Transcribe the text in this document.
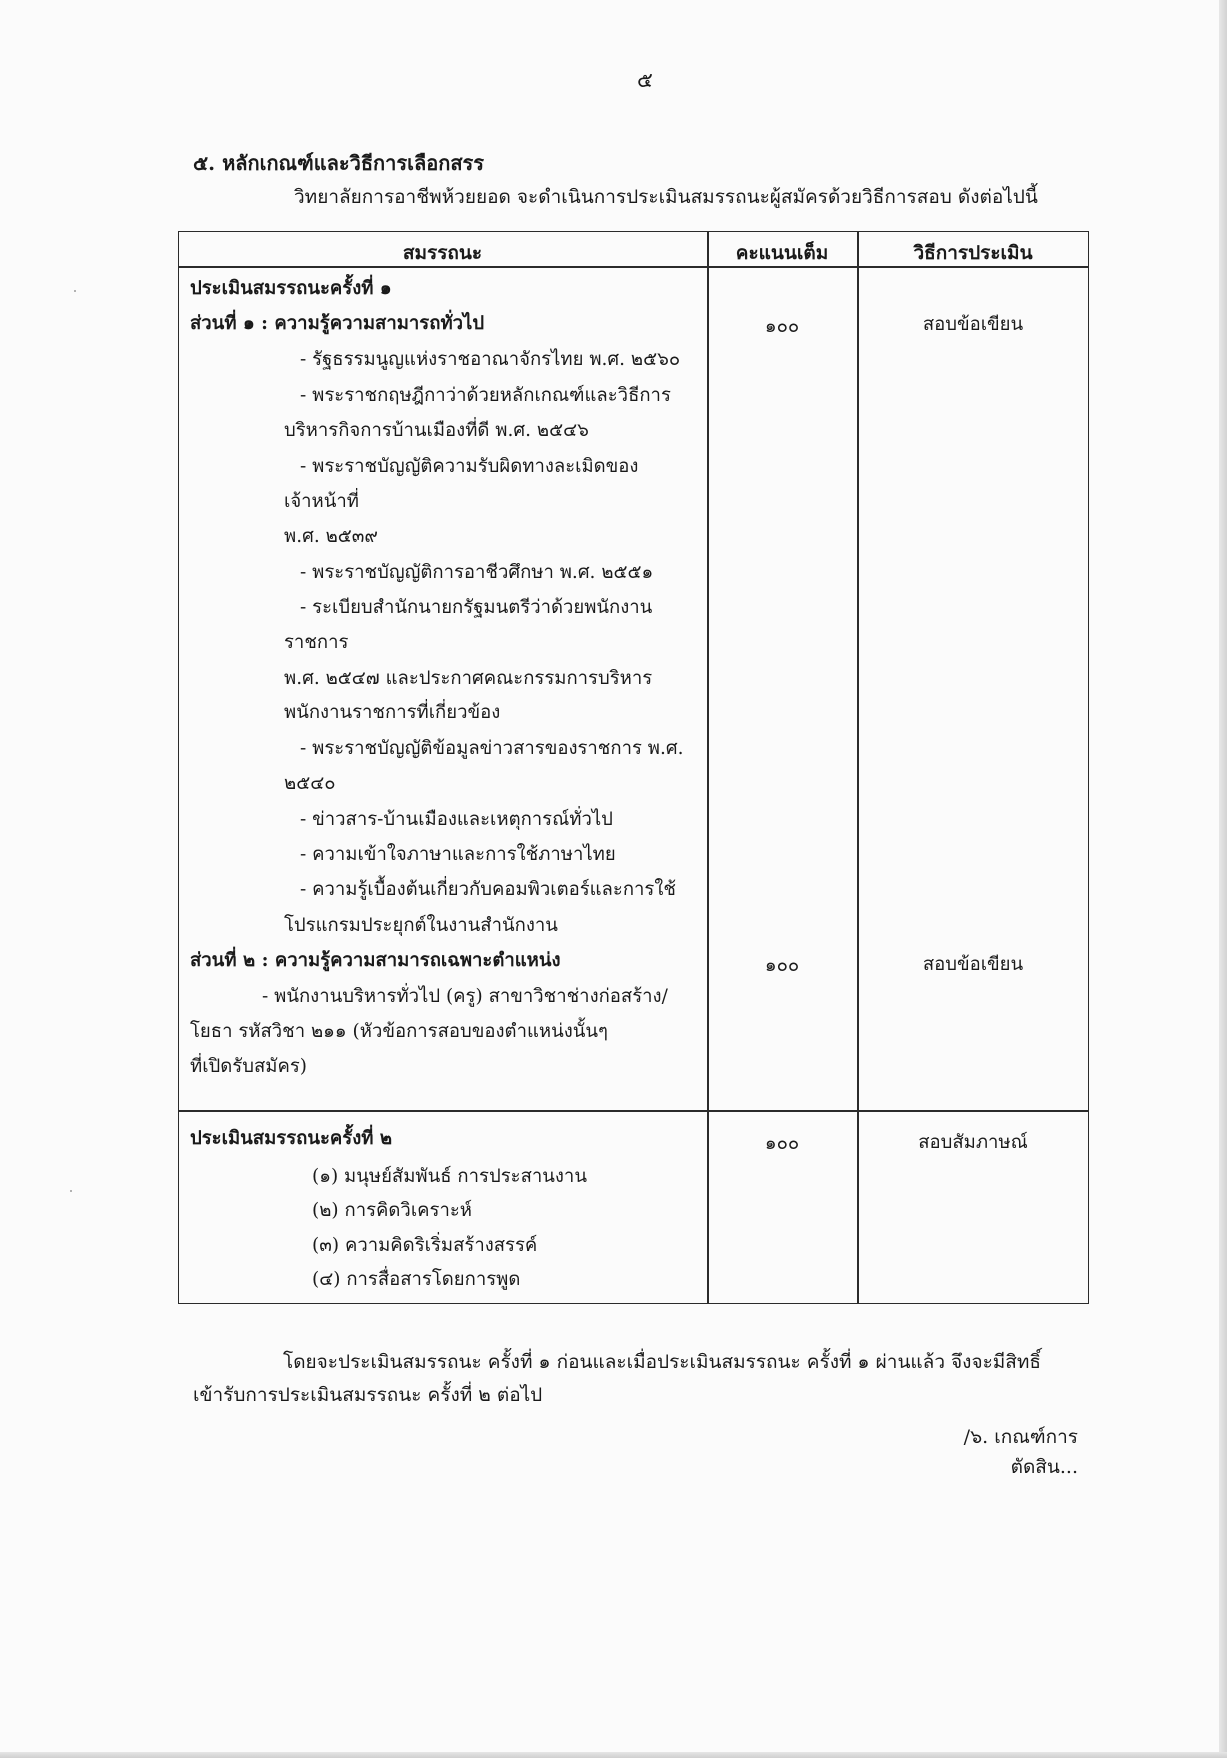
๕
๕. หลักเกณฑ์และวิธีการเลือกสรร
วิทยาลัยการอาชีพห้วยยอด จะดำเนินการประเมินสมรรถนะผู้สมัครด้วยวิธีการสอบ ดังต่อไปนี้
สมรรถนะ	คะแนนเต็ม	วิธีการประเมิน
ประเมินสมรรถนะครั้งที่ ๑
ส่วนที่ ๑ : ความรู้ความสามารถทั่วไป	๑๐๐	สอบข้อเขียน
- รัฐธรรมนูญแห่งราชอาณาจักรไทย พ.ศ. ๒๕๖๐
- พระราชกฤษฎีกาว่าด้วยหลักเกณฑ์และวิธีการ
บริหารกิจการบ้านเมืองที่ดี พ.ศ. ๒๕๔๖
- พระราชบัญญัติความรับผิดทางละเมิดของ
เจ้าหน้าที่
พ.ศ. ๒๕๓๙
- พระราชบัญญัติการอาชีวศึกษา พ.ศ. ๒๕๕๑
- ระเบียบสำนักนายกรัฐมนตรีว่าด้วยพนักงาน
ราชการ
พ.ศ. ๒๕๔๗ และประกาศคณะกรรมการบริหาร
พนักงานราชการที่เกี่ยวข้อง
- พระราชบัญญัติข้อมูลข่าวสารของราชการ พ.ศ.
๒๕๔๐
- ข่าวสาร-บ้านเมืองและเหตุการณ์ทั่วไป
- ความเข้าใจภาษาและการใช้ภาษาไทย
- ความรู้เบื้องต้นเกี่ยวกับคอมพิวเตอร์และการใช้
โปรแกรมประยุกต์ในงานสำนักงาน
ส่วนที่ ๒ : ความรู้ความสามารถเฉพาะตำแหน่ง	๑๐๐	สอบข้อเขียน
- พนักงานบริหารทั่วไป (ครู) สาขาวิชาช่างก่อสร้าง/
โยธา รหัสวิชา ๒๑๑ (หัวข้อการสอบของตำแหน่งนั้นๆ
ที่เปิดรับสมัคร)
ประเมินสมรรถนะครั้งที่ ๒	๑๐๐	สอบสัมภาษณ์
(๑) มนุษย์สัมพันธ์ การประสานงาน
(๒) การคิดวิเคราะห์
(๓) ความคิดริเริ่มสร้างสรรค์
(๔) การสื่อสารโดยการพูด
โดยจะประเมินสมรรถนะ ครั้งที่ ๑ ก่อนและเมื่อประเมินสมรรถนะ ครั้งที่ ๑ ผ่านแล้ว จึงจะมีสิทธิ์
เข้ารับการประเมินสมรรถนะ ครั้งที่ ๒ ต่อไป
/๖. เกณฑ์การตัดสิน...
